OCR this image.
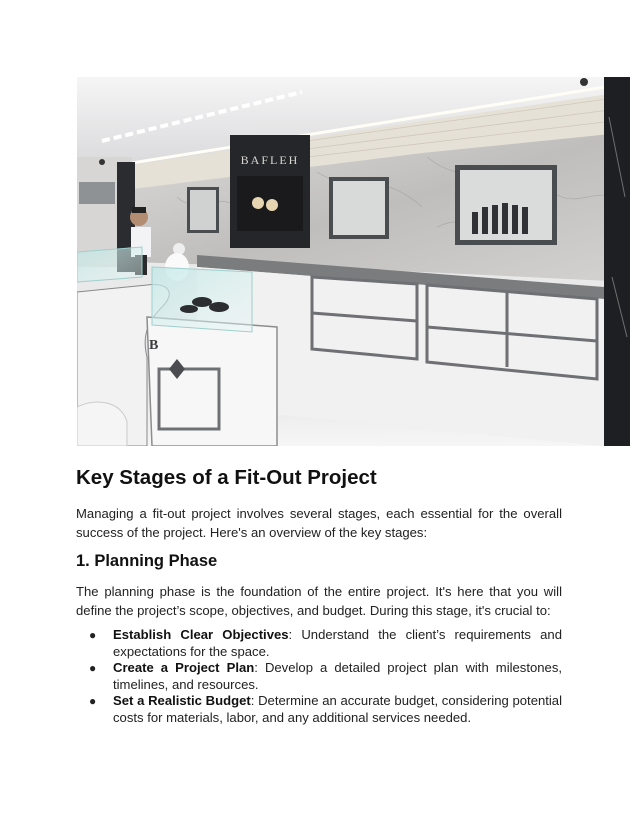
BAFLEH
B
Key Stages of a Fit-Out Project

Managing a fit-out project involves several stages, each essential for the overall success of the project. Here's an overview of the key stages:

1. Planning Phase

The planning phase is the foundation of the entire project. It's here that you will define the project’s scope, objectives, and budget. During this stage, it's crucial to:

● Establish Clear Objectives: Understand the client’s requirements and expectations for the space.
● Create a Project Plan: Develop a detailed project plan with milestones, timelines, and resources.
● Set a Realistic Budget: Determine an accurate budget, considering potential costs for materials, labor, and any additional services needed.
